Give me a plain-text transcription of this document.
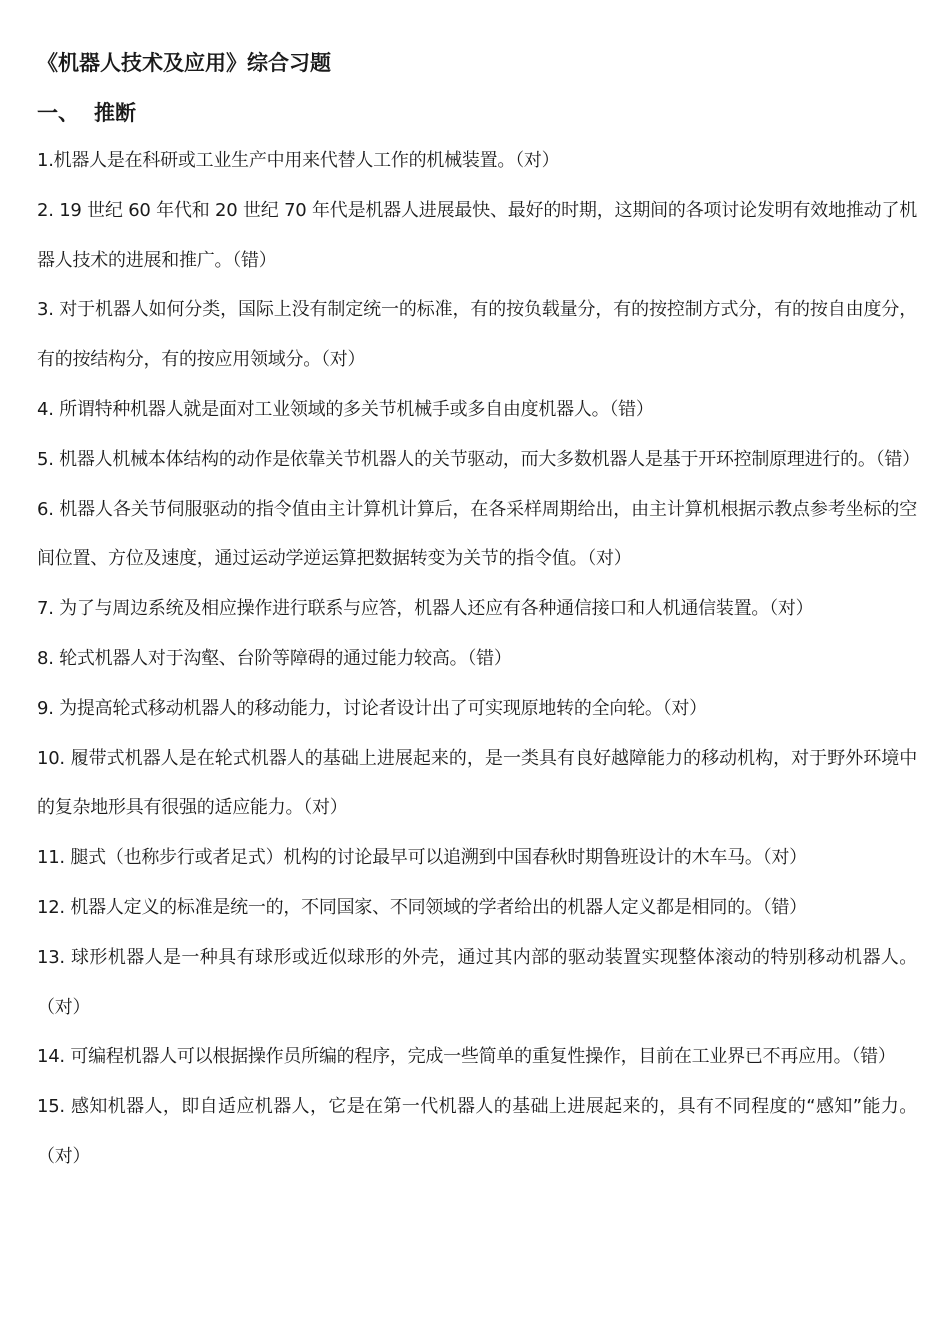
《机器人技术及应用》综合习题
一、 推断
1.机器人是在科研或工业生产中用来代替人工作的机械装置。（对）
2. 19 世纪 60 年代和 20 世纪 70 年代是机器人进展最快、最好的时期，这期间的各项讨论发明有效地推动了机器人技术的进展和推广。（错）
3. 对于机器人如何分类，国际上没有制定统一的标准，有的按负载量分，有的按控制方式分，有的按自由度分，有的按结构分，有的按应用领域分。（对）
4. 所谓特种机器人就是面对工业领域的多关节机械手或多自由度机器人。（错）
5. 机器人机械本体结构的动作是依靠关节机器人的关节驱动，而大多数机器人是基于开环控制原理进行的。（错）
6. 机器人各关节伺服驱动的指令值由主计算机计算后，在各采样周期给出，由主计算机根据示教点参考坐标的空间位置、方位及速度，通过运动学逆运算把数据转变为关节的指令值。（对）
7. 为了与周边系统及相应操作进行联系与应答，机器人还应有各种通信接口和人机通信装置。（对）
8. 轮式机器人对于沟壑、台阶等障碍的通过能力较高。（错）
9. 为提高轮式移动机器人的移动能力，讨论者设计出了可实现原地转的全向轮。（对）
10. 履带式机器人是在轮式机器人的基础上进展起来的，是一类具有良好越障能力的移动机构，对于野外环境中的复杂地形具有很强的适应能力。（对）
11. 腿式（也称步行或者足式）机构的讨论最早可以追溯到中国春秋时期鲁班设计的木车马。（对）
12. 机器人定义的标准是统一的，不同国家、不同领域的学者给出的机器人定义都是相同的。（错）
13. 球形机器人是一种具有球形或近似球形的外壳，通过其内部的驱动装置实现整体滚动的特别移动机器人。（对）
14. 可编程机器人可以根据操作员所编的程序，完成一些简单的重复性操作，目前在工业界已不再应用。（错）
15. 感知机器人，即自适应机器人，它是在第一代机器人的基础上进展起来的，具有不同程度的“感知”能力。（对）
